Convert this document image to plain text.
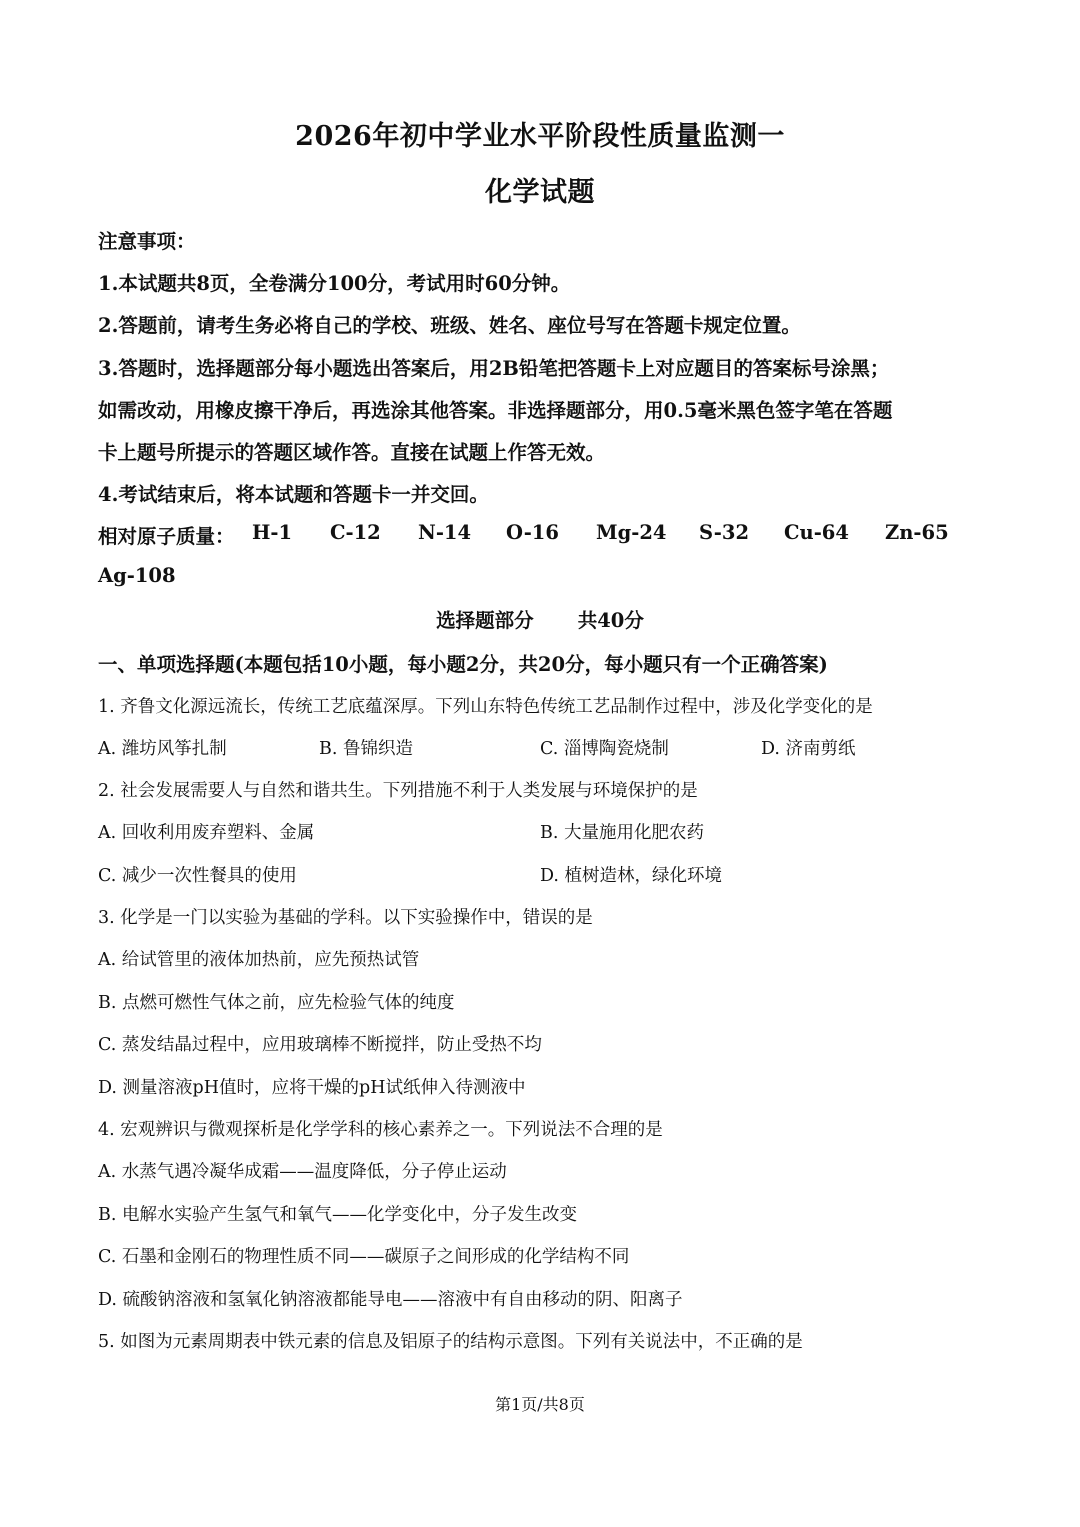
2026年初中学业水平阶段性质量监测一
化学试题
注意事项：
1.本试题共8页，全卷满分100分，考试用时60分钟。
2.答题前，请考生务必将自己的学校、班级、姓名、座位号写在答题卡规定位置。
3.答题时，选择题部分每小题选出答案后，用2B铅笔把答题卡上对应题目的答案标号涂黑；
如需改动，用橡皮擦干净后，再选涂其他答案。非选择题部分，用0.5毫米黑色签字笔在答题
卡上题号所提示的答题区域作答。直接在试题上作答无效。
4.考试结束后，将本试题和答题卡一并交回。
相对原子质量： H-1 C-12 N-14 O-16 Mg-24 S-32 Cu-64 Zn-65
Ag-108
选择题部分 共40分
一、单项选择题(本题包括10小题，每小题2分，共20分，每小题只有一个正确答案)
1. 齐鲁文化源远流长，传统工艺底蕴深厚。下列山东特色传统工艺品制作过程中，涉及化学变化的是
A. 潍坊风筝扎制	B. 鲁锦织造	C. 淄博陶瓷烧制	D. 济南剪纸
2. 社会发展需要人与自然和谐共生。下列措施不利于人类发展与环境保护的是
A. 回收利用废弃塑料、金属	B. 大量施用化肥农药
C. 减少一次性餐具的使用	D. 植树造林，绿化环境
3. 化学是一门以实验为基础的学科。以下实验操作中，错误的是
A. 给试管里的液体加热前，应先预热试管
B. 点燃可燃性气体之前，应先检验气体的纯度
C. 蒸发结晶过程中，应用玻璃棒不断搅拌，防止受热不均
D. 测量溶液pH值时，应将干燥的pH试纸伸入待测液中
4. 宏观辨识与微观探析是化学学科的核心素养之一。下列说法不合理的是
A. 水蒸气遇冷凝华成霜——温度降低，分子停止运动
B. 电解水实验产生氢气和氧气——化学变化中，分子发生改变
C. 石墨和金刚石的物理性质不同——碳原子之间形成的化学结构不同
D. 硫酸钠溶液和氢氧化钠溶液都能导电——溶液中有自由移动的阴、阳离子
5. 如图为元素周期表中铁元素的信息及铝原子的结构示意图。下列有关说法中，不正确的是
第1页/共8页
